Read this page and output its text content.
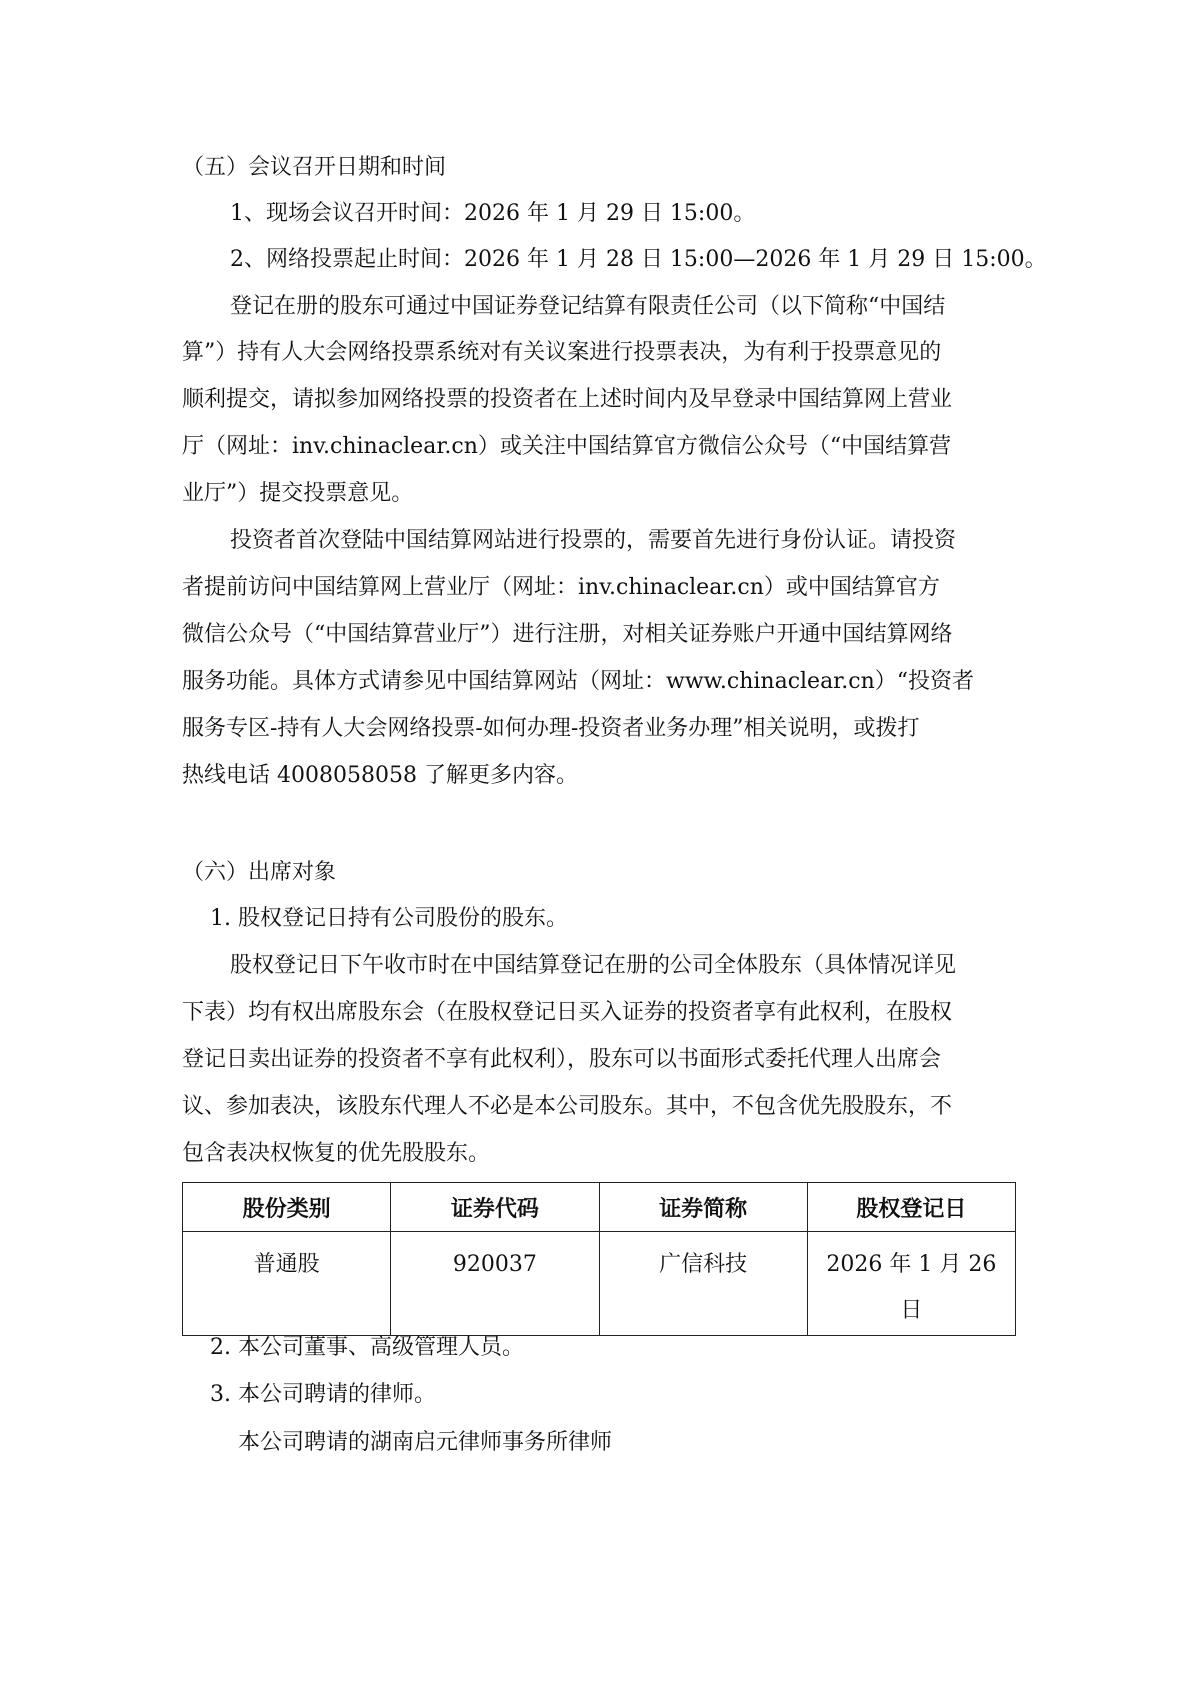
（五）会议召开日期和时间
1、现场会议召开时间：2026 年 1 月 29 日 15:00。
2、网络投票起止时间：2026 年 1 月 28 日 15:00—2026 年 1 月 29 日 15:00。
登记在册的股东可通过中国证券登记结算有限责任公司（以下简称“中国结
算”）持有人大会网络投票系统对有关议案进行投票表决，为有利于投票意见的
顺利提交，请拟参加网络投票的投资者在上述时间内及早登录中国结算网上营业
厅（网址：inv.chinaclear.cn）或关注中国结算官方微信公众号（“中国结算营
业厅”）提交投票意见。
投资者首次登陆中国结算网站进行投票的，需要首先进行身份认证。请投资
者提前访问中国结算网上营业厅（网址：inv.chinaclear.cn）或中国结算官方
微信公众号（“中国结算营业厅”）进行注册，对相关证券账户开通中国结算网络
服务功能。具体方式请参见中国结算网站（网址：www.chinaclear.cn）“投资者
服务专区-持有人大会网络投票-如何办理-投资者业务办理”相关说明，或拨打
热线电话 4008058058 了解更多内容。
（六）出席对象
1. 股权登记日持有公司股份的股东。
股权登记日下午收市时在中国结算登记在册的公司全体股东（具体情况详见
下表）均有权出席股东会（在股权登记日买入证券的投资者享有此权利，在股权
登记日卖出证券的投资者不享有此权利），股东可以书面形式委托代理人出席会
议、参加表决，该股东代理人不必是本公司股东。其中，不包含优先股股东，不
包含表决权恢复的优先股股东。
股份类别	证券代码	证券简称	股权登记日

普通股	920037	广信科技	2026 年 1 月 26 日
2. 本公司董事、高级管理人员。
3. 本公司聘请的律师。
本公司聘请的湖南启元律师事务所律师
